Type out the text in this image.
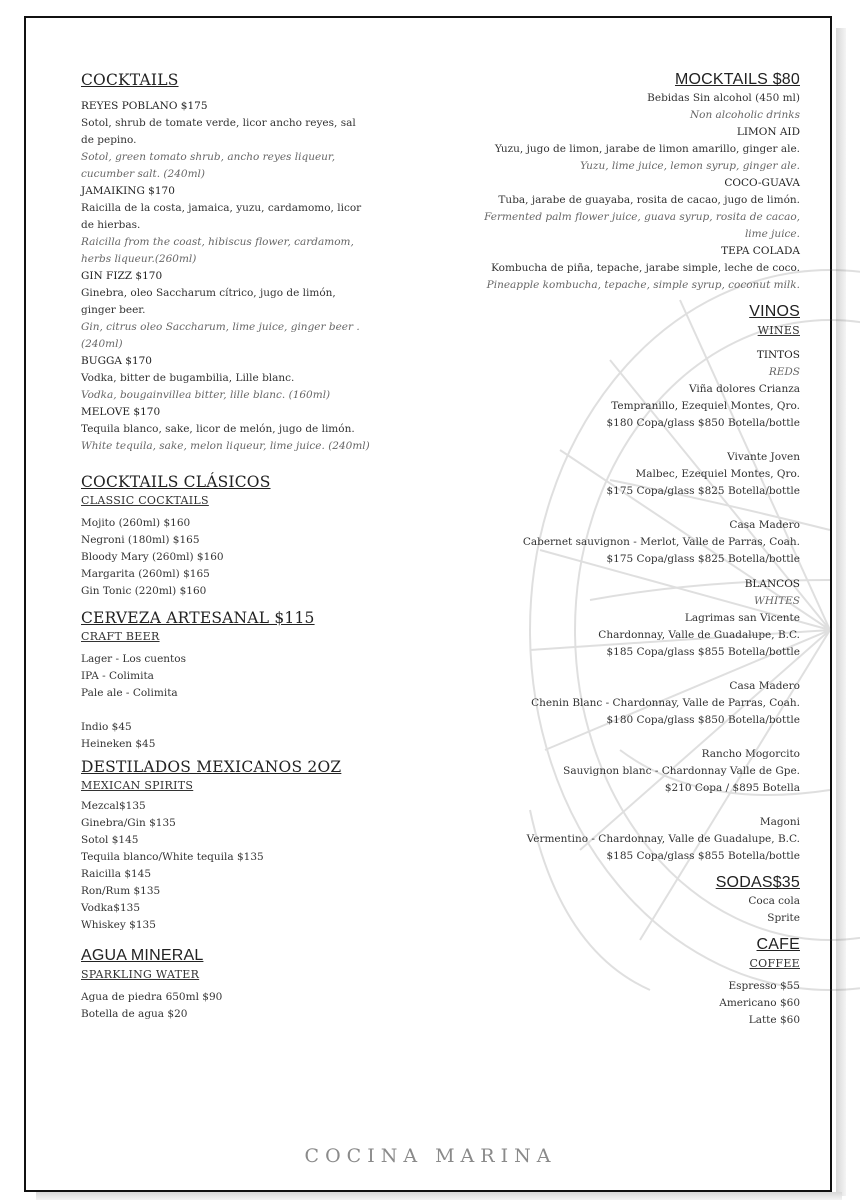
COCKTAILS
REYES POBLANO $175
Sotol, shrub de tomate verde, licor ancho reyes, sal de pepino.
Sotol, green tomato shrub, ancho reyes liqueur, cucumber salt. (240ml)
JAMAIKING $170
Raicilla de la costa, jamaica, yuzu, cardamomo, licor de hierbas.
Raicilla from the coast, hibiscus flower, cardamom, herbs liqueur.(260ml)
GIN FIZZ $170
Ginebra, oleo Saccharum cítrico, jugo de limón, ginger beer.
Gin, citrus oleo Saccharum, lime juice, ginger beer . (240ml)
BUGGA $170
Vodka, bitter de bugambilia, Lille blanc.
Vodka, bougainvillea bitter, lille blanc. (160ml)
MELOVE $170
Tequila blanco, sake, licor de melón, jugo de limón.
White tequila, sake, melon liqueur, lime juice. (240ml)
COCKTAILS CLÁSICOS
CLASSIC COCKTAILS
Mojito (260ml) $160
Negroni (180ml) $165
Bloody Mary (260ml) $160
Margarita (260ml) $165
Gin Tonic (220ml) $160
CERVEZA ARTESANAL $115
CRAFT BEER
Lager - Los cuentos
IPA - Colimita
Pale ale - Colimita
Indio $45
Heineken $45
DESTILADOS MEXICANOS 2OZ
MEXICAN SPIRITS
Mezcal$135
Ginebra/Gin $135
Sotol $145
Tequila blanco/White tequila $135
Raicilla $145
Ron/Rum $135
Vodka$135
Whiskey $135
AGUA MINERAL
SPARKLING WATER
Agua de piedra 650ml $90
Botella de agua $20
MOCKTAILS $80
Bebidas Sin alcohol (450 ml)
Non alcoholic drinks
LIMON AID
Yuzu, jugo de limon, jarabe de limon amarillo, ginger ale.
Yuzu, lime juice, lemon syrup, ginger ale.
COCO-GUAVA
Tuba, jarabe de guayaba, rosita de cacao, jugo de limón.
Fermented palm flower juice, guava syrup, rosita de cacao, lime juice.
TEPA COLADA
Kombucha de piña, tepache, jarabe simple, leche de coco.
Pineapple kombucha, tepache, simple syrup, coconut milk.
VINOS
WINES
TINTOS
REDS
Viña dolores Crianza
Tempranillo, Ezequiel Montes, Qro.
$180 Copa/glass $850 Botella/bottle
Vivante Joven
Malbec, Ezequiel Montes, Qro.
$175 Copa/glass $825 Botella/bottle
Casa Madero
Cabernet sauvignon - Merlot, Valle de Parras, Coah.
$175 Copa/glass $825 Botella/bottle
BLANCOS
WHITES
Lagrimas san Vicente
Chardonnay, Valle de Guadalupe, B.C.
$185 Copa/glass $855 Botella/bottle
Casa Madero
Chenin Blanc - Chardonnay, Valle de Parras, Coah.
$180 Copa/glass $850 Botella/bottle
Rancho Mogorcito
Sauvignon blanc - Chardonnay Valle de Gpe.
$210 Copa / $895 Botella
Magoni
Vermentino - Chardonnay, Valle de Guadalupe, B.C.
$185 Copa/glass $855 Botella/bottle
SODAS$35
Coca cola
Sprite
CAFE
COFFEE
Espresso $55
Americano $60
Latte $60
COCINA MARINA
